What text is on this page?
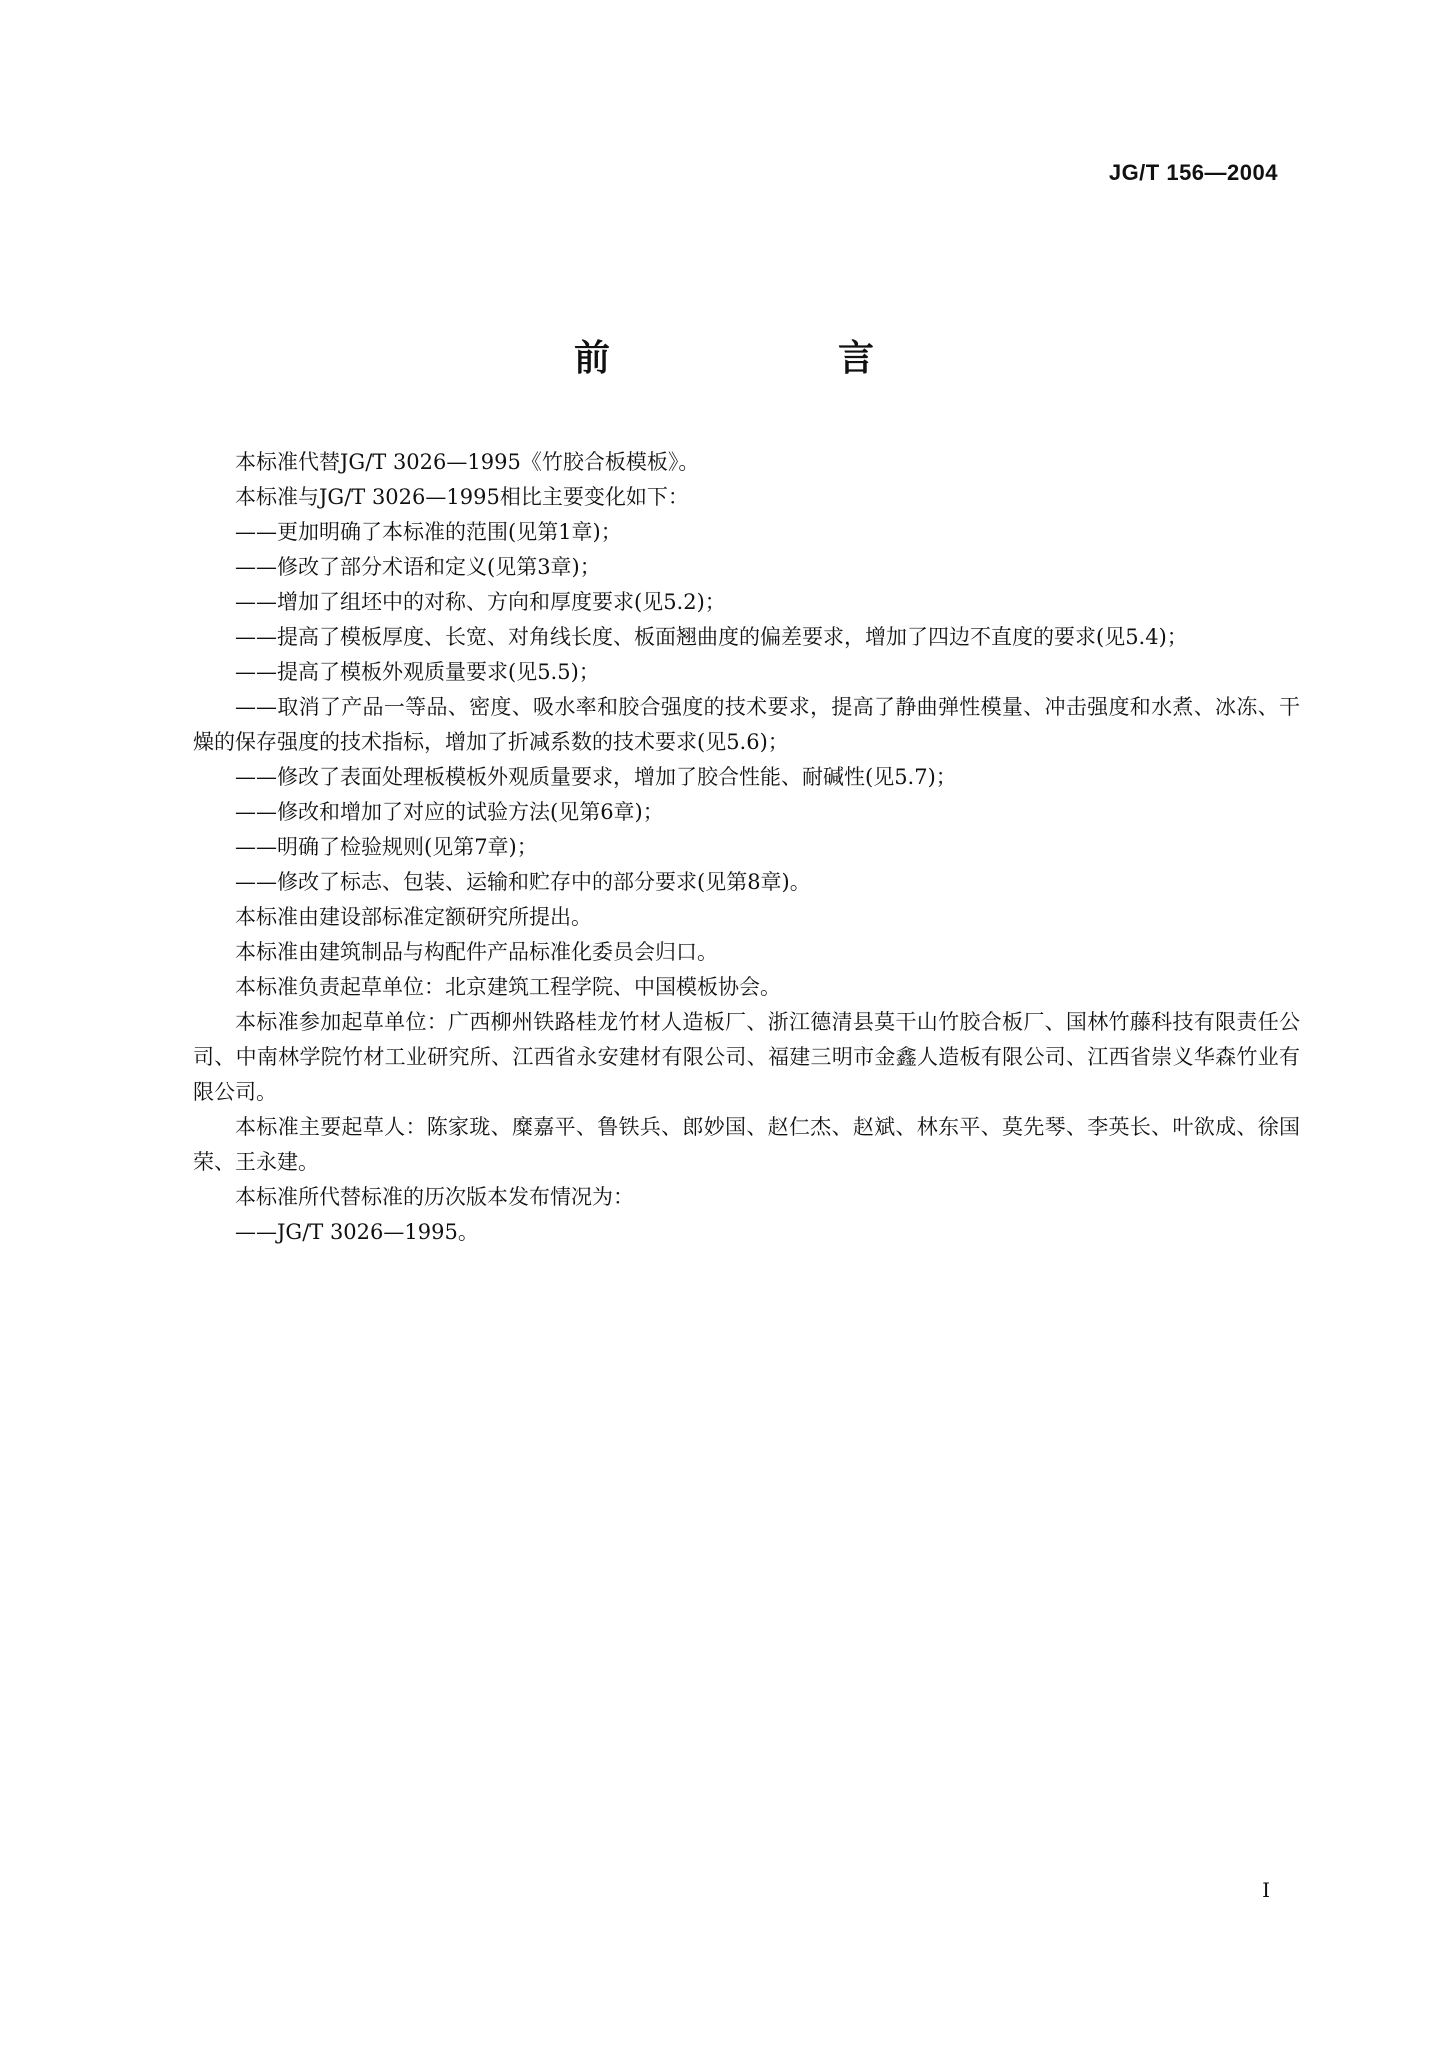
JG/T 156—2004
前　言

本标准代替JG/T 3026—1995《竹胶合板模板》。

本标准与JG/T 3026—1995相比主要变化如下：

——更加明确了本标准的范围(见第1章)；

——修改了部分术语和定义(见第3章)；

——增加了组坯中的对称、方向和厚度要求(见5.2)；

——提高了模板厚度、长宽、对角线长度、板面翘曲度的偏差要求，增加了四边不直度的要求(见5.4)；

——提高了模板外观质量要求(见5.5)；

——取消了产品一等品、密度、吸水率和胶合强度的技术要求，提高了静曲弹性模量、冲击强度和水煮、冰冻、干燥的保存强度的技术指标，增加了折减系数的技术要求(见5.6)；

——修改了表面处理板模板外观质量要求，增加了胶合性能、耐碱性(见5.7)；

——修改和增加了对应的试验方法(见第6章)；

——明确了检验规则(见第7章)；

——修改了标志、包装、运输和贮存中的部分要求(见第8章)。

本标准由建设部标准定额研究所提出。

本标准由建筑制品与构配件产品标准化委员会归口。

本标准负责起草单位：北京建筑工程学院、中国模板协会。

本标准参加起草单位：广西柳州铁路桂龙竹材人造板厂、浙江德清县莫干山竹胶合板厂、国林竹藤科技有限责任公司、中南林学院竹材工业研究所、江西省永安建材有限公司、福建三明市金鑫人造板有限公司、江西省崇义华森竹业有限公司。

本标准主要起草人：陈家珑、糜嘉平、鲁铁兵、郎妙国、赵仁杰、赵斌、林东平、莫先琴、李英长、叶欲成、徐国荣、王永建。

本标准所代替标准的历次版本发布情况为：

——JG/T 3026—1995。

I
